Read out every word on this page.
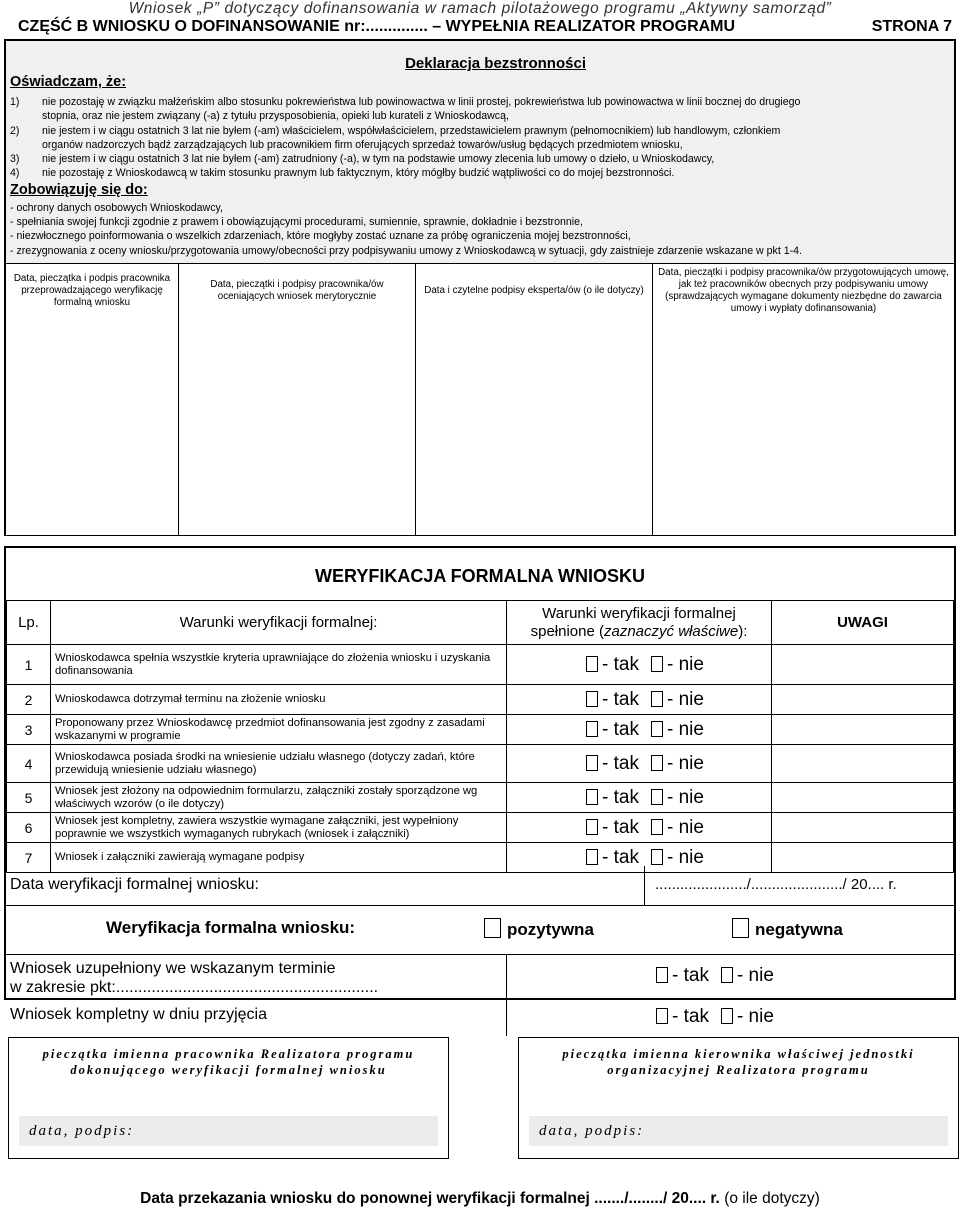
Wniosek „P” dotyczący dofinansowania w ramach pilotażowego programu „Aktywny samorząd”
CZĘŚĆ B WNIOSKU O DOFINANSOWANIE nr:.............. – WYPEŁNIA REALIZATOR PROGRAMU	STRONA 7
Deklaracja bezstronności
Oświadczam, że:
1) nie pozostaję w związku małżeńskim albo stosunku pokrewieństwa lub powinowactwa w linii prostej, pokrewieństwa lub powinowactwa w linii bocznej do drugiego
stopnia, oraz nie jestem związany (-a) z tytułu przysposobienia, opieki lub kurateli z Wnioskodawcą,
2) nie jestem i w ciągu ostatnich 3 lat nie byłem (-am) właścicielem, współwłaścicielem, przedstawicielem prawnym (pełnomocnikiem) lub handlowym, członkiem
organów nadzorczych bądź zarządzających lub pracownikiem firm oferujących sprzedaż towarów/usług będących przedmiotem wniosku,
3) nie jestem i w ciągu ostatnich 3 lat nie byłem (-am) zatrudniony (-a), w tym na podstawie umowy zlecenia lub umowy o dzieło, u Wnioskodawcy,
4) nie pozostaję z Wnioskodawcą w takim stosunku prawnym lub faktycznym, który mógłby budzić wątpliwości co do mojej bezstronności.
Zobowiązuję się do:
- ochrony danych osobowych Wnioskodawcy,
- spełniania swojej funkcji zgodnie z prawem i obowiązującymi procedurami, sumiennie, sprawnie, dokładnie i bezstronnie,
- niezwłocznego poinformowania o wszelkich zdarzeniach, które mogłyby zostać uznane za próbę ograniczenia mojej bezstronności,
- zrezygnowania z oceny wniosku/przygotowania umowy/obecności przy podpisywaniu umowy z Wnioskodawcą w sytuacji, gdy zaistnieje zdarzenie wskazane w pkt 1-4.
Data, pieczątka i podpis pracownika przeprowadzającego weryfikację formalną wniosku
Data, pieczątki i podpisy pracownika/ów oceniających wniosek merytorycznie
Data i czytelne podpisy eksperta/ów (o ile dotyczy)
Data, pieczątki i podpisy pracownika/ów przygotowujących umowę, jak też pracowników obecnych przy podpisywaniu umowy (sprawdzających wymagane dokumenty niezbędne do zawarcia umowy i wypłaty dofinansowania)
WERYFIKACJA FORMALNA WNIOSKU
Lp.	Warunki weryfikacji formalnej:	Warunki weryfikacji formalnej
spełnione (zaznaczyć właściwe):	UWAGI
1	Wnioskodawca spełnia wszystkie kryteria uprawniające do złożenia wniosku i uzyskania dofinansowania	- tak - nie	
2	Wnioskodawca dotrzymał terminu na złożenie wniosku	- tak - nie	
3	Proponowany przez Wnioskodawcę przedmiot dofinansowania jest zgodny z zasadami wskazanymi w programie	- tak - nie	
4	Wnioskodawca posiada środki na wniesienie udziału własnego (dotyczy zadań, które przewidują wniesienie udziału własnego)	- tak - nie	
5	Wniosek jest złożony na odpowiednim formularzu, załączniki zostały sporządzone wg właściwych wzorów (o ile dotyczy)	- tak - nie	
6	Wniosek jest kompletny, zawiera wszystkie wymagane załączniki, jest wypełniony poprawnie we wszystkich wymaganych rubrykach (wniosek i załączniki)	- tak - nie	
7	Wniosek i załączniki zawierają wymagane podpisy	- tak - nie	
Data weryfikacji formalnej wniosku:	....................../....................../ 20.... r.
Weryfikacja formalna wniosku:	pozytywna	negatywna
Wniosek uzupełniony we wskazanym terminie
w zakresie pkt:...........................................................
- tak - nie
Wniosek kompletny w dniu przyjęcia	- tak - nie
pieczątka imienna pracownika Realizatora programu
dokonującego weryfikacji formalnej wniosku
data, podpis:
pieczątka imienna kierownika właściwej jednostki
organizacyjnej Realizatora programu
data, podpis:
Data przekazania wniosku do ponownej weryfikacji formalnej ......./......../ 20.... r. (o ile dotyczy)
